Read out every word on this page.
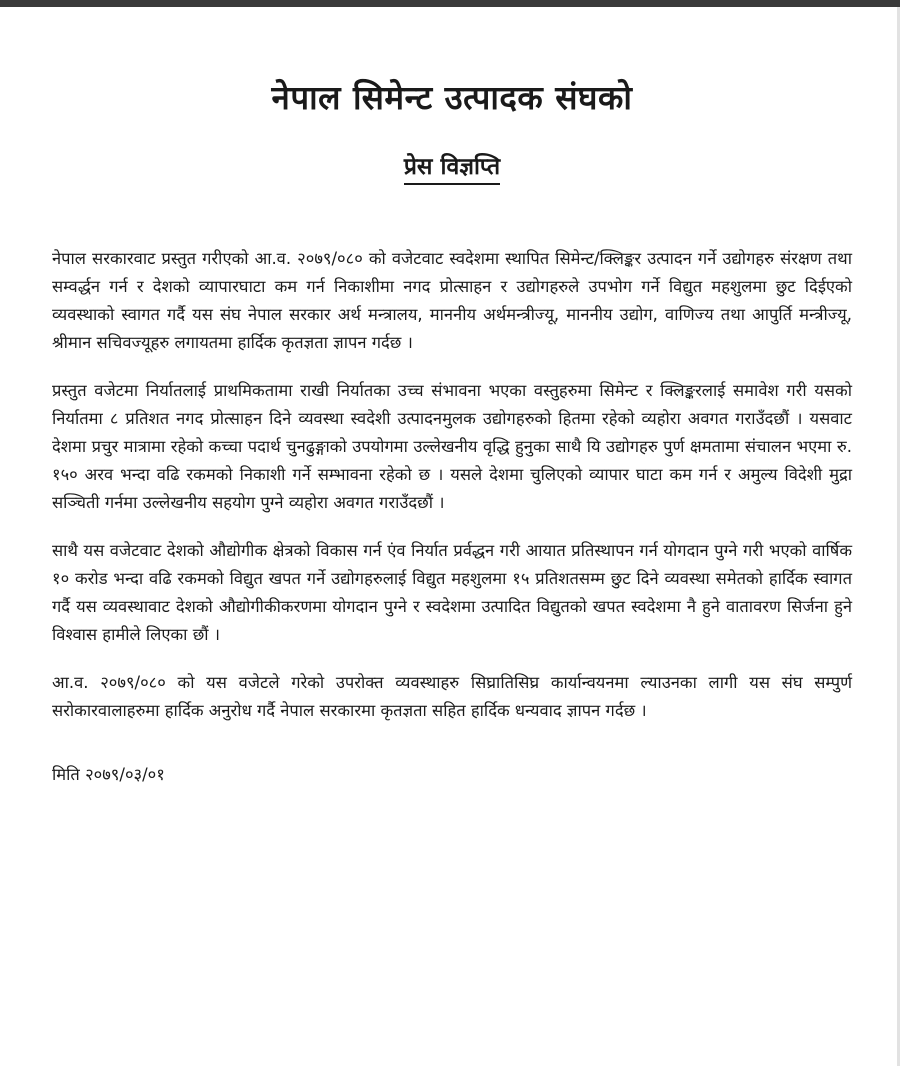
नेपाल सिमेन्ट उत्पादक संघको
प्रेस विज्ञप्ति

नेपाल सरकारवाट प्रस्तुत गरीएको आ.व. २०७९/०८० को वजेटवाट स्वदेशमा स्थापित सिमेन्ट/क्लिङ्कर उत्पादन गर्ने उद्योगहरु संरक्षण तथा सम्वर्द्धन गर्न र देशको व्यापारघाटा कम गर्न निकाशीमा नगद प्रोत्साहन र उद्योगहरुले उपभोग गर्ने विद्युत महशुलमा छुट दिईएको व्यवस्थाको स्वागत गर्दै यस संघ नेपाल सरकार अर्थ मन्त्रालय, माननीय अर्थमन्त्रीज्यू, माननीय उद्योग, वाणिज्य तथा आपुर्ति मन्त्रीज्यू, श्रीमान सचिवज्यूहरु लगायतमा हार्दिक कृतज्ञता ज्ञापन गर्दछ ।

प्रस्तुत वजेटमा निर्यातलाई प्राथमिकतामा राखी निर्यातका उच्च संभावना भएका वस्तुहरुमा सिमेन्ट र क्लिङ्करलाई समावेश गरी यसको निर्यातमा ८ प्रतिशत नगद प्रोत्साहन दिने व्यवस्था स्वदेशी उत्पादनमुलक उद्योगहरुको हितमा रहेको व्यहोरा अवगत गराउँदछौं । यसवाट देशमा प्रचुर मात्रामा रहेको कच्चा पदार्थ चुनढुङ्गाको उपयोगमा उल्लेखनीय वृद्धि हुनुका साथै यि उद्योगहरु पुर्ण क्षमतामा संचालन भएमा रु. १५० अरव भन्दा वढि रकमको निकाशी गर्ने सम्भावना रहेको छ । यसले देशमा चुलिएको व्यापार घाटा कम गर्न र अमुल्य विदेशी मुद्रा सञ्चिती गर्नमा उल्लेखनीय सहयोग पुग्ने व्यहोरा अवगत गराउँदछौं ।

साथै यस वजेटवाट देशको औद्योगीक क्षेत्रको विकास गर्न एंव निर्यात प्रर्वद्धन गरी आयात प्रतिस्थापन गर्न योगदान पुग्ने गरी भएको वार्षिक १० करोड भन्दा वढि रकमको विद्युत खपत गर्ने उद्योगहरुलाई विद्युत महशुलमा १५ प्रतिशतसम्म छुट दिने व्यवस्था समेतको हार्दिक स्वागत गर्दै यस व्यवस्थावाट देशको औद्योगीकीकरणमा योगदान पुग्ने र स्वदेशमा उत्पादित विद्युतको खपत स्वदेशमा नै हुने वातावरण सिर्जना हुने विश्वास हामीले लिएका छौं ।

आ.व. २०७९/०८० को यस वजेटले गरेको उपरोक्त व्यवस्थाहरु सिघ्रातिसिघ्र कार्यान्वयनमा ल्याउनका लागी यस संघ सम्पुर्ण सरोकारवालाहरुमा हार्दिक अनुरोध गर्दै नेपाल सरकारमा कृतज्ञता सहित हार्दिक धन्यवाद ज्ञापन गर्दछ ।

मिति २०७९/०३/०१
